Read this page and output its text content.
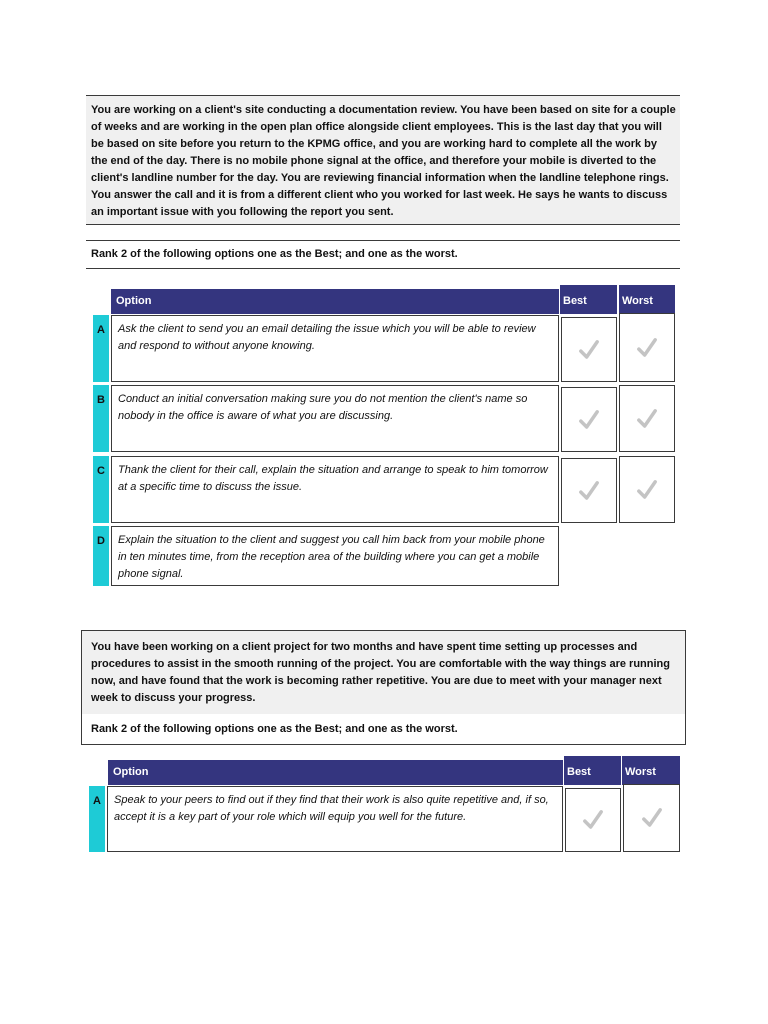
You are working on a client's site conducting a documentation review. You have been based on site for a couple of weeks and are working in the open plan office alongside client employees. This is the last day that you will be based on site before you return to the KPMG office, and you are working hard to complete all the work by the end of the day. There is no mobile phone signal at the office, and therefore your mobile is diverted to the client's landline number for the day. You are reviewing financial information when the landline telephone rings. You answer the call and it is from a different client who you worked for last week. He says he wants to discuss an important issue with you following the report you sent.
Rank 2 of the following options one as the Best; and one as the worst.
Option	Best	Worst
A	Ask the client to send you an email detailing the issue which you will be able to review and respond to without anyone knowing.
B	Conduct an initial conversation making sure you do not mention the client's name so nobody in the office is aware of what you are discussing.
C	Thank the client for their call, explain the situation and arrange to speak to him tomorrow at a specific time to discuss the issue.
D	Explain the situation to the client and suggest you call him back from your mobile phone in ten minutes time, from the reception area of the building where you can get a mobile phone signal.
You have been working on a client project for two months and have spent time setting up processes and procedures to assist in the smooth running of the project. You are comfortable with the way things are running now, and have found that the work is becoming rather repetitive. You are due to meet with your manager next week to discuss your progress.
Rank 2 of the following options one as the Best; and one as the worst.
Option	Best	Worst
A	Speak to your peers to find out if they find that their work is also quite repetitive and, if so, accept it is a key part of your role which will equip you well for the future.
